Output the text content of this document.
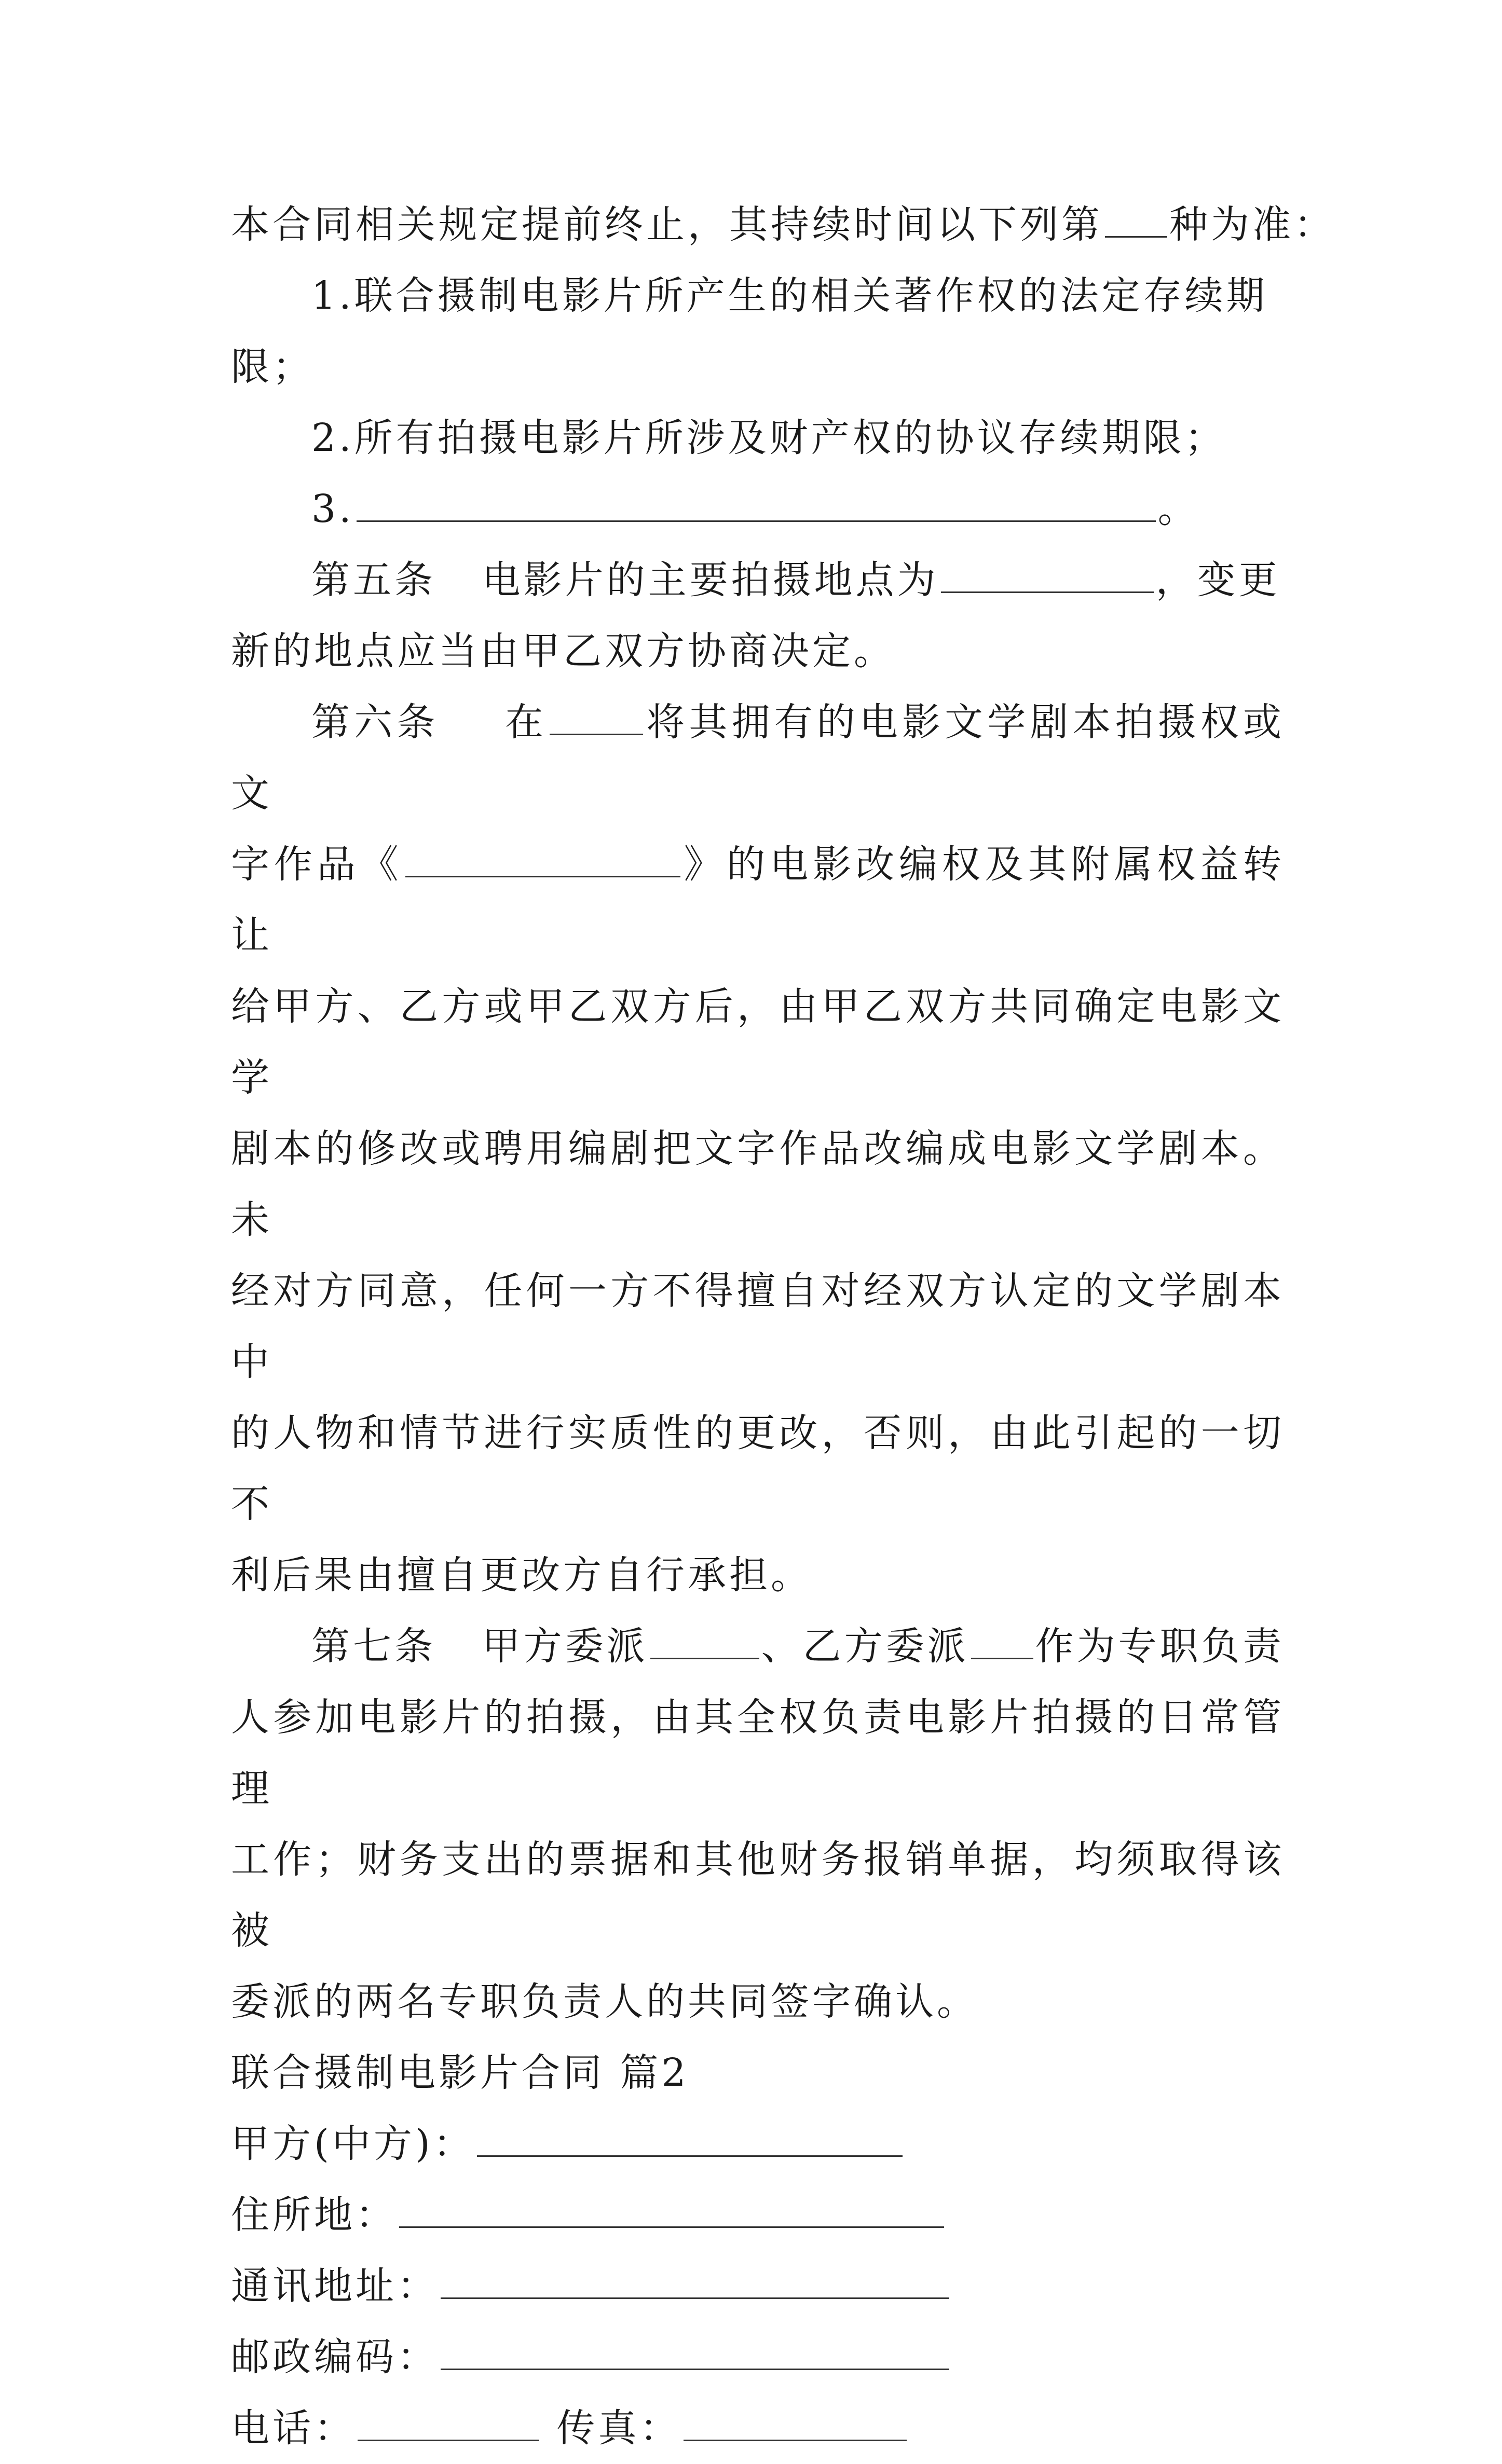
本合同相关规定提前终止，其持续时间以下列第 种为准：

1.联合摄制电影片所产生的相关著作权的法定存续期

限；

2.所有拍摄电影片所涉及财产权的协议存续期限；

3.	。

第五条 电影片的主要拍摄地点为	，变更

新的地点应当由甲乙双方协商决定。

第六条 在	将其拥有的电影文学剧本拍摄权或文

字作品《	》的电影改编权及其附属权益转让

给甲方、乙方或甲乙双方后，由甲乙双方共同确定电影文学

剧本的修改或聘用编剧把文字作品改编成电影文学剧本。未

经对方同意，任何一方不得擅自对经双方认定的文学剧本中

的人物和情节进行实质性的更改，否则，由此引起的一切不

利后果由擅自更改方自行承担。

第七条 甲方委派	、乙方委派 作为专职负责

人参加电影片的拍摄，由其全权负责电影片拍摄的日常管理

工作；财务支出的票据和其他财务报销单据，均须取得该被

委派的两名专职负责人的共同签字确认。

联合摄制电影片合同 篇2

甲方(中方)：

住所地：

通讯地址：

邮政编码：

电话：	传真：
